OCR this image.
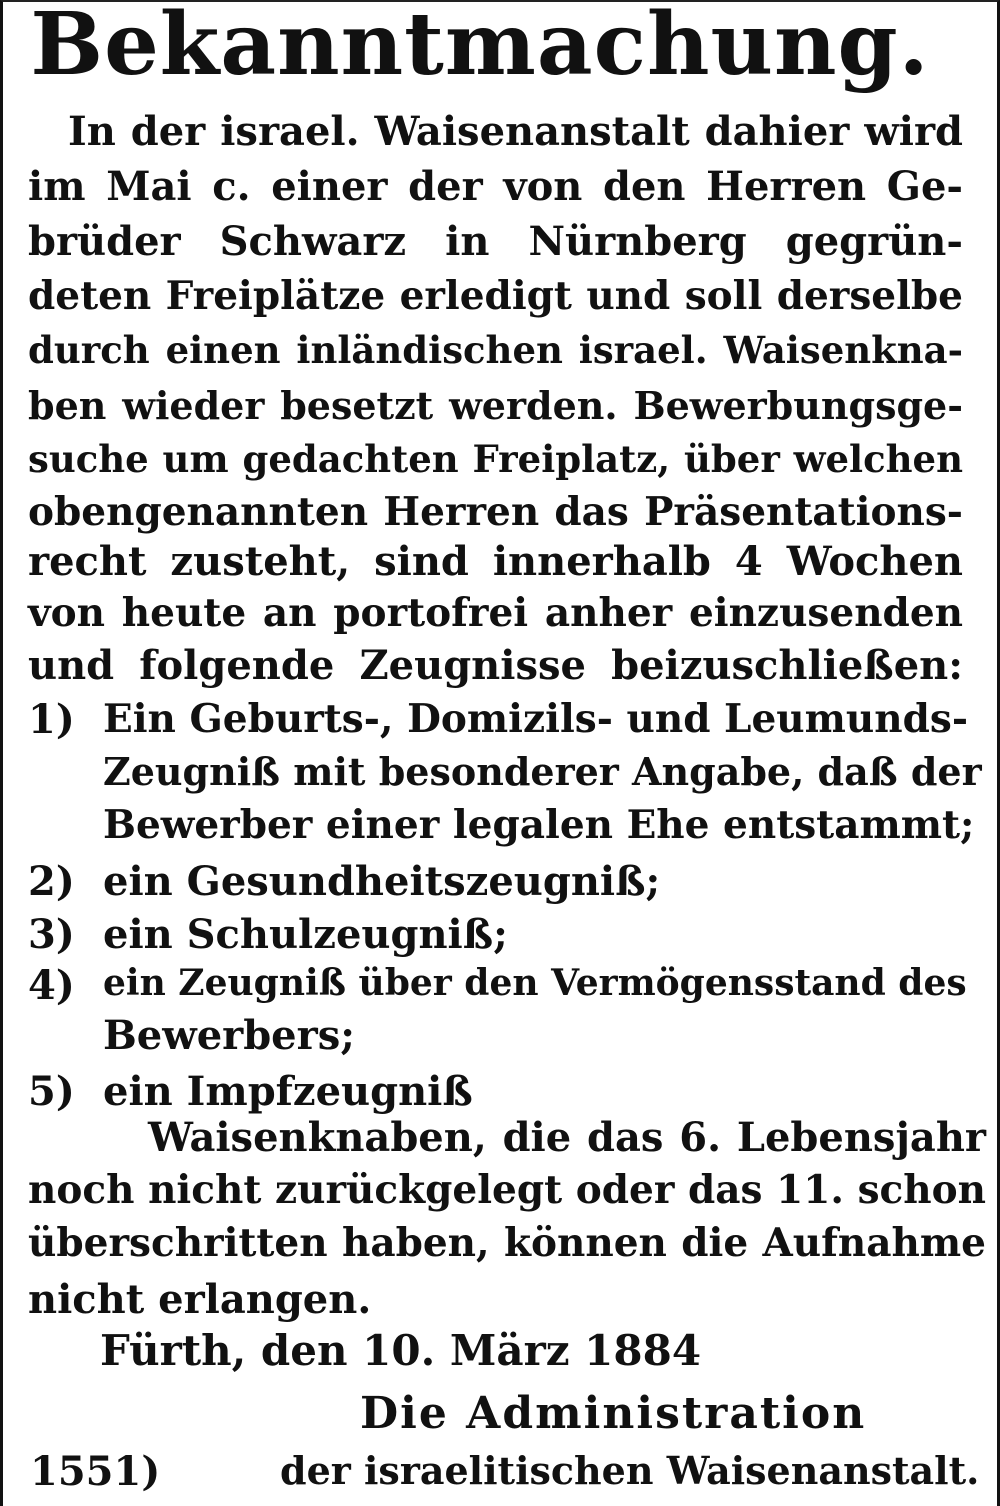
Bekanntmachung.
In der israel. Waisenanstalt dahier wird
im Mai c. einer der von den Herren Ge-
brüder Schwarz in Nürnberg gegrün-
deten Freiplätze erledigt und soll derselbe
durch einen inländischen israel. Waisenkna-
ben wieder besetzt werden. Bewerbungsge-
suche um gedachten Freiplatz, über welchen
obengenannten Herren das Präsentations-
recht zusteht, sind innerhalb 4 Wochen
von heute an portofrei anher einzusenden
und folgende Zeugnisse beizuschließen:
1) Ein Geburts-, Domizils- und Leumunds-
Zeugniß mit besonderer Angabe, daß der
Bewerber einer legalen Ehe entstammt;
2) ein Gesundheitszeugniß;
3) ein Schulzeugniß;
4) ein Zeugniß über den Vermögensstand des
Bewerbers;
5) ein Impfzeugniß
Waisenknaben, die das 6. Lebensjahr
noch nicht zurückgelegt oder das 11. schon
überschritten haben, können die Aufnahme
nicht erlangen.
Fürth, den 10. März 1884
Die Administration
1551)	der israelitischen Waisenanstalt.
